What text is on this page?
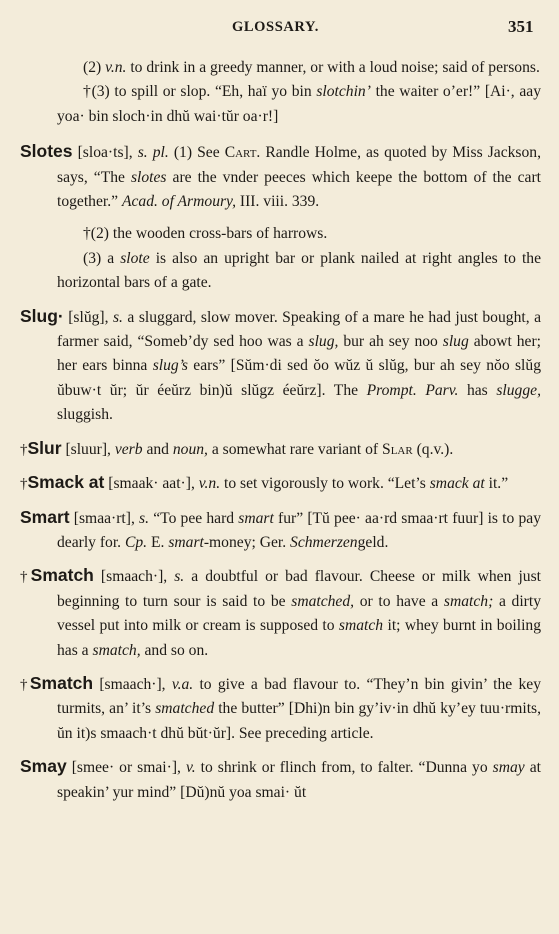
GLOSSARY.	351
(2) v.n. to drink in a greedy manner, or with a loud noise; said of persons.
†(3) to spill or slop. “Eh, haï yo bin slotchin’ the waiter o’er!” [Ai·, aay yoa· bin sloch·in dhŭ wai·tŭr oa·r!]
Slotes [sloa·ts], s. pl. (1) See Cart. Randle Holme, as quoted by Miss Jackson, says, “The slotes are the vnder peeces which keepe the bottom of the cart together.” Acad. of Armoury, III. viii. 339.
†(2) the wooden cross-bars of harrows.
(3) a slote is also an upright bar or plank nailed at right angles to the horizontal bars of a gate.
Slug· [slŭg], s. a sluggard, slow mover. Speaking of a mare he had just bought, a farmer said, “Someb’dy sed hoo was a slug, bur ah sey noo slug abowt her; her ears binna slug’s ears” [Sŭm·di sed ŏo wŭz ŭ slŭg, bur ah sey nŏo slŭg ŭbuw·t ŭr; ŭr éeŭrz bin)ŭ slŭgz éeŭrz]. The Prompt. Parv. has slugge, sluggish.
†Slur [sluur], verb and noun, a somewhat rare variant of Slar (q.v.).
†Smack at [smaak· aat·], v.n. to set vigorously to work. “Let’s smack at it.”
Smart [smaa·rt], s. “To pee hard smart fur” [Tŭ pee· aa·rd smaa·rt fuur] is to pay dearly for. Cp. E. smart-money; Ger. Schmerzengeld.
†Smatch [smaach·], s. a doubtful or bad flavour. Cheese or milk when just beginning to turn sour is said to be smatched, or to have a smatch; a dirty vessel put into milk or cream is supposed to smatch it; whey burnt in boiling has a smatch, and so on.
†Smatch [smaach·], v.a. to give a bad flavour to. “They’n bin givin’ the key turmits, an’ it’s smatched the butter” [Dhi)n bin gy’iv·in dhŭ ky’ey tuu·rmits, ŭn it)s smaach·t dhŭ bŭt·ŭr]. See preceding article.
Smay [smee· or smai·], v. to shrink or flinch from, to falter. “Dunna yo smay at speakin’ yur mind” [Dŭ)nŭ yoa smai· ŭt
